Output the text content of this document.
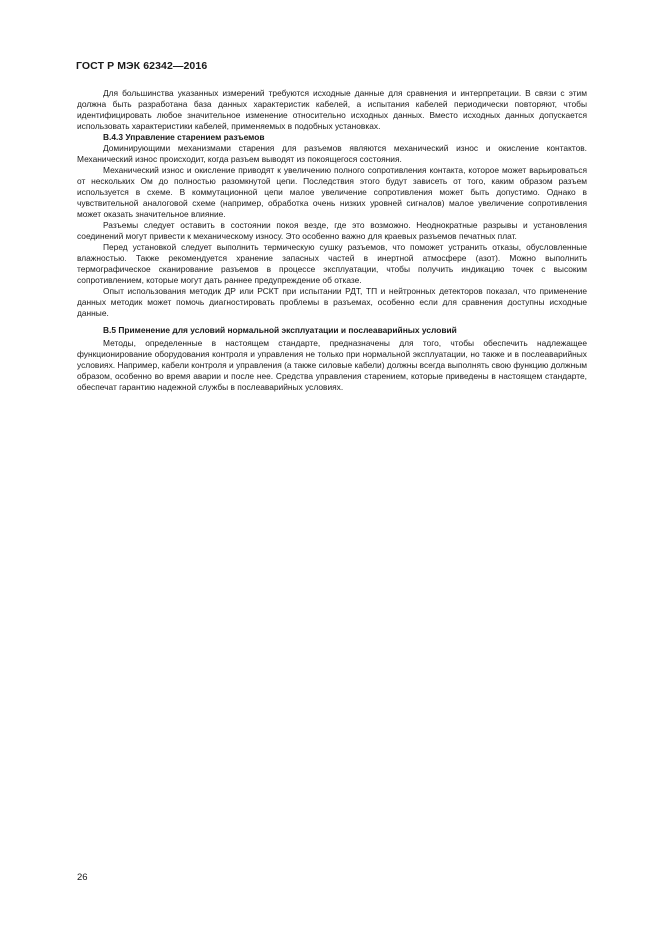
ГОСТ Р МЭК 62342—2016

Для большинства указанных измерений требуются исходные данные для сравнения и интерпретации. В связи с этим должна быть разработана база данных характеристик кабелей, а испытания кабелей периодически повторяют, чтобы идентифицировать любое значительное изменение относительно исходных данных. Вместо исходных данных допускается использовать характеристики кабелей, применяемых в подобных установках.

В.4.3 Управление старением разъемов

Доминирующими механизмами старения для разъемов являются механический износ и окисление контактов. Механический износ происходит, когда разъем выводят из покоящегося состояния.

Механический износ и окисление приводят к увеличению полного сопротивления контакта, которое может варьироваться от нескольких Ом до полностью разомкнутой цепи. Последствия этого будут зависеть от того, каким образом разъем используется в схеме. В коммутационной цепи малое увеличение сопротивления может быть допустимо. Однако в чувствительной аналоговой схеме (например, обработка очень низких уровней сигналов) малое увеличение сопротивления может оказать значительное влияние.

Разъемы следует оставить в состоянии покоя везде, где это возможно. Неоднократные разрывы и установления соединений могут привести к механическому износу. Это особенно важно для краевых разъемов печатных плат.

Перед установкой следует выполнить термическую сушку разъемов, что поможет устранить отказы, обусловленные влажностью. Также рекомендуется хранение запасных частей в инертной атмосфере (азот). Можно выполнить термографическое сканирование разъемов в процессе эксплуатации, чтобы получить индикацию точек с высоким сопротивлением, которые могут дать раннее предупреждение об отказе.

Опыт использования методик ДР или РСКТ при испытании РДТ, ТП и нейтронных детекторов показал, что применение данных методик может помочь диагностировать проблемы в разъемах, особенно если для сравнения доступны исходные данные.

В.5 Применение для условий нормальной эксплуатации и послеаварийных условий

Методы, определенные в настоящем стандарте, предназначены для того, чтобы обеспечить надлежащее функционирование оборудования контроля и управления не только при нормальной эксплуатации, но также и в послеаварийных условиях. Например, кабели контроля и управления (а также силовые кабели) должны всегда выполнять свою функцию должным образом, особенно во время аварии и после нее. Средства управления старением, которые приведены в настоящем стандарте, обеспечат гарантию надежной службы в послеаварийных условиях.

26
